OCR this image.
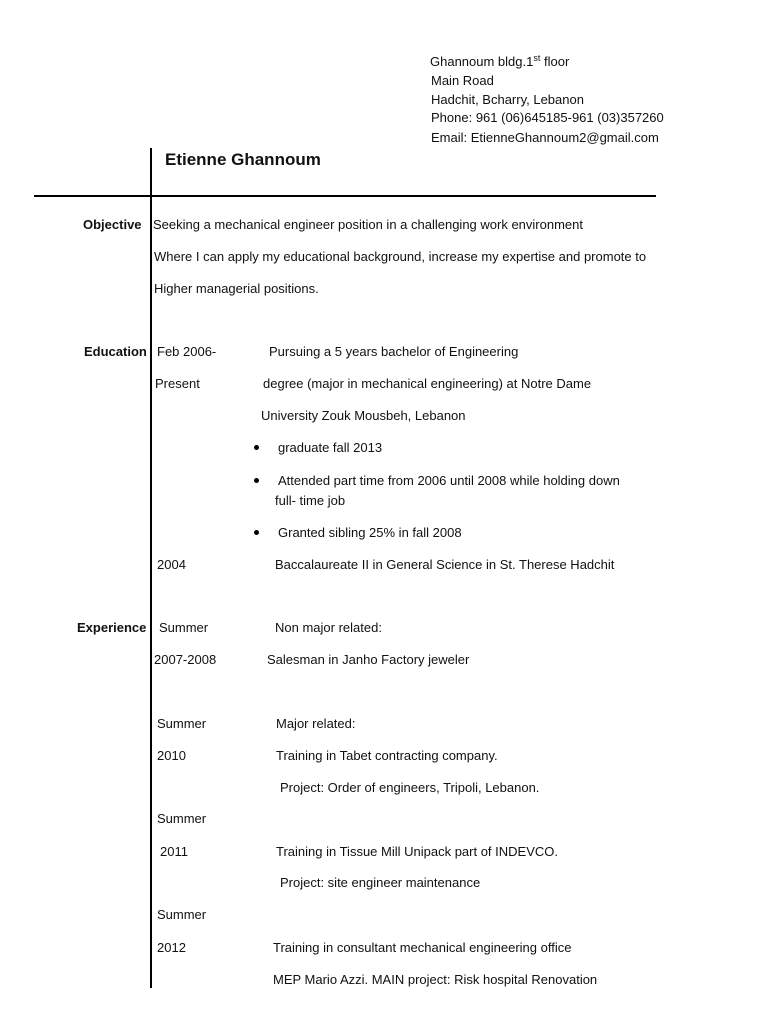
Ghannoum bldg.1st floor
Main Road
Hadchit, Bcharry, Lebanon
Phone: 961 (06)645185-961 (03)357260
Email: EtienneGhannoum2@gmail.com
Etienne Ghannoum
Objective Seeking a mechanical engineer position in a challenging work environment
Where I can apply my educational background, increase my expertise and promote to
Higher managerial positions.
Education Feb 2006-	Pursuing a 5 years bachelor of Engineering
Present	degree (major in mechanical engineering) at Notre Dame
University Zouk Mousbeh, Lebanon
graduate fall 2013
Attended part time from 2006 until 2008 while holding down
full- time job
Granted sibling 25% in fall 2008
2004	Baccalaureate II in General Science in St. Therese Hadchit
Experience Summer	Non major related:
2007-2008	Salesman in Janho Factory jeweler
Summer	Major related:
2010	Training in Tabet contracting company.
Project: Order of engineers, Tripoli, Lebanon.
Summer
2011	Training in Tissue Mill Unipack part of INDEVCO.
Project: site engineer maintenance
Summer
2012	Training in consultant mechanical engineering office
MEP Mario Azzi. MAIN project: Risk hospital Renovation
